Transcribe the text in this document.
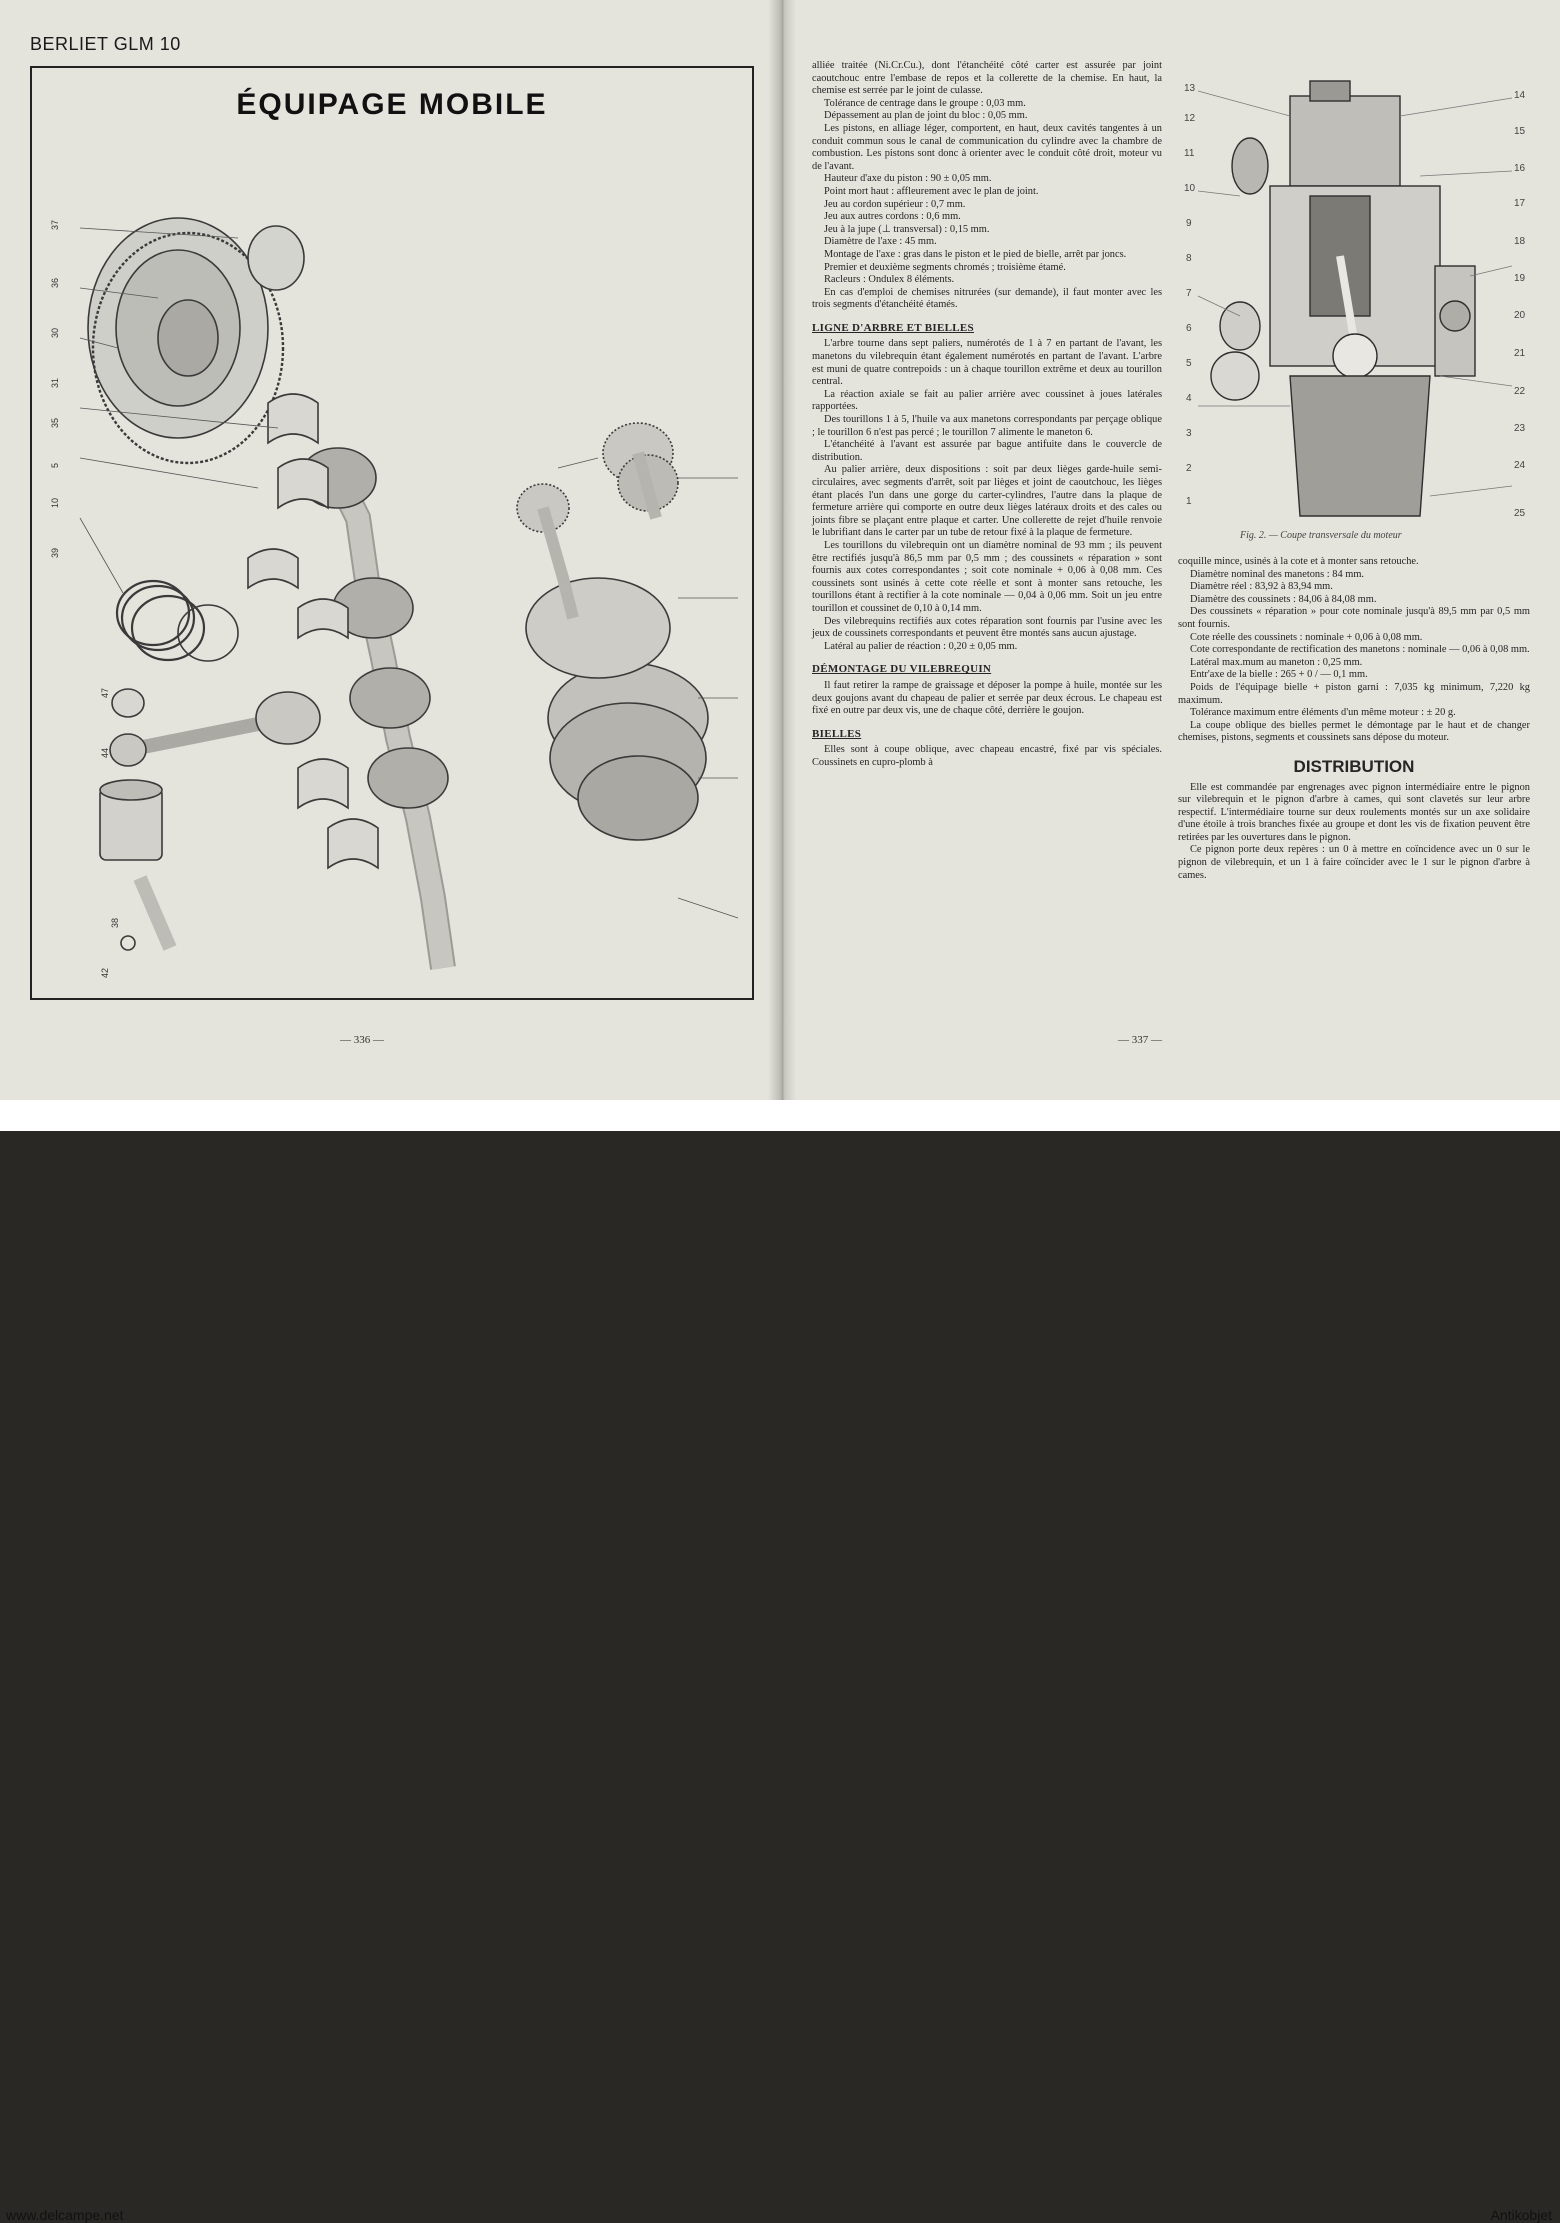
BERLIET GLM 10
ÉQUIPAGE MOBILE
37
36
30
31
35
5
10
39
47
44
38
42
— 336 —

alliée traitée (Ni.Cr.Cu.), dont l'étanchéité côté carter est assurée par joint caoutchouc entre l'embase de repos et la collerette de la chemise. En haut, la chemise est serrée par le joint de culasse.

Tolérance de centrage dans le groupe : 0,03 mm.

Dépassement au plan de joint du bloc : 0,05 mm.

Les pistons, en alliage léger, comportent, en haut, deux cavités tangentes à un conduit commun sous le canal de communication du cylindre avec la chambre de combustion. Les pistons sont donc à orienter avec le conduit côté droit, moteur vu de l'avant.

Hauteur d'axe du piston : 90 ± 0,05 mm.

Point mort haut : affleurement avec le plan de joint.

Jeu au cordon supérieur : 0,7 mm.

Jeu aux autres cordons : 0,6 mm.

Jeu à la jupe (⊥ transversal) : 0,15 mm.

Diamètre de l'axe : 45 mm.

Montage de l'axe : gras dans le piston et le pied de bielle, arrêt par joncs.

Premier et deuxième segments chromés ; troisième étamé.

Racleurs : Ondulex 8 éléments.

En cas d'emploi de chemises nitrurées (sur demande), il faut monter avec les trois segments d'étanchéité étamés.

LIGNE D'ARBRE ET BIELLES

L'arbre tourne dans sept paliers, numérotés de 1 à 7 en partant de l'avant, les manetons du vilebrequin étant également numérotés en partant de l'avant. L'arbre est muni de quatre contrepoids : un à chaque tourillon extrême et deux au tourillon central.

La réaction axiale se fait au palier arrière avec coussinet à joues latérales rapportées.

Des tourillons 1 à 5, l'huile va aux manetons correspondants par perçage oblique ; le tourillon 6 n'est pas percé ; le tourillon 7 alimente le maneton 6.

L'étanchéité à l'avant est assurée par bague antifuite dans le couvercle de distribution.

Au palier arrière, deux dispositions : soit par deux lièges garde-huile semi-circulaires, avec segments d'arrêt, soit par lièges et joint de caoutchouc, les lièges étant placés l'un dans une gorge du carter-cylindres, l'autre dans la plaque de fermeture arrière qui comporte en outre deux lièges latéraux droits et des cales ou joints fibre se plaçant entre plaque et carter. Une collerette de rejet d'huile renvoie le lubrifiant dans le carter par un tube de retour fixé à la plaque de fermeture.

Les tourillons du vilebrequin ont un diamètre nominal de 93 mm ; ils peuvent être rectifiés jusqu'à 86,5 mm par 0,5 mm ; des coussinets « réparation » sont fournis aux cotes correspondantes ; soit cote nominale + 0,06 à 0,08 mm. Ces coussinets sont usinés à cette cote réelle et sont à monter sans retouche, les tourillons étant à rectifier à la cote nominale — 0,04 à 0,06 mm. Soit un jeu entre tourillon et coussinet de 0,10 à 0,14 mm.

Des vilebrequins rectifiés aux cotes réparation sont fournis par l'usine avec les jeux de coussinets correspondants et peuvent être montés sans aucun ajustage.

Latéral au palier de réaction : 0,20 ± 0,05 mm.

DÉMONTAGE DU VILEBREQUIN

Il faut retirer la rampe de graissage et déposer la pompe à huile, montée sur les deux goujons avant du chapeau de palier et serrée par deux écrous. Le chapeau est fixé en outre par deux vis, une de chaque côté, derrière le goujon.

BIELLES

Elles sont à coupe oblique, avec chapeau encastré, fixé par vis spéciales. Coussinets en cupro-plomb à

13
12
11
10
9
8
7
6
5
4
3
2
1
14
15
16
17
18
19
20
21
22
23
24
25
Fig. 2. — Coupe transversale du moteur

coquille mince, usinés à la cote et à monter sans retouche.

Diamètre nominal des manetons : 84 mm.

Diamètre réel : 83,92 à 83,94 mm.

Diamètre des coussinets : 84,06 à 84,08 mm.

Des coussinets « réparation » pour cote nominale jusqu'à 89,5 mm par 0,5 mm sont fournis.

Cote réelle des coussinets : nominale + 0,06 à 0,08 mm.

Cote correspondante de rectification des manetons : nominale — 0,06 à 0,08 mm.

Latéral max.mum au maneton : 0,25 mm.

Entr'axe de la bielle : 265 + 0 / — 0,1 mm.

Poids de l'équipage bielle + piston garni : 7,035 kg minimum, 7,220 kg maximum.

Tolérance maximum entre éléments d'un même moteur : ± 20 g.

La coupe oblique des bielles permet le démontage par le haut et de changer chemises, pistons, segments et coussinets sans dépose du moteur.

DISTRIBUTION

Elle est commandée par engrenages avec pignon intermédiaire entre le pignon sur vilebrequin et le pignon d'arbre à cames, qui sont clavetés sur leur arbre respectif. L'intermédiaire tourne sur deux roulements montés sur un axe solidaire d'une étoile à trois branches fixée au groupe et dont les vis de fixation peuvent être retirées par les ouvertures dans le pignon.

Ce pignon porte deux repères : un 0 à mettre en coïncidence avec un 0 sur le pignon de vilebrequin, et un 1 à faire coïncider avec le 1 sur le pignon d'arbre à cames.

— 337 —
www.delcampe.net	Antikobjet
